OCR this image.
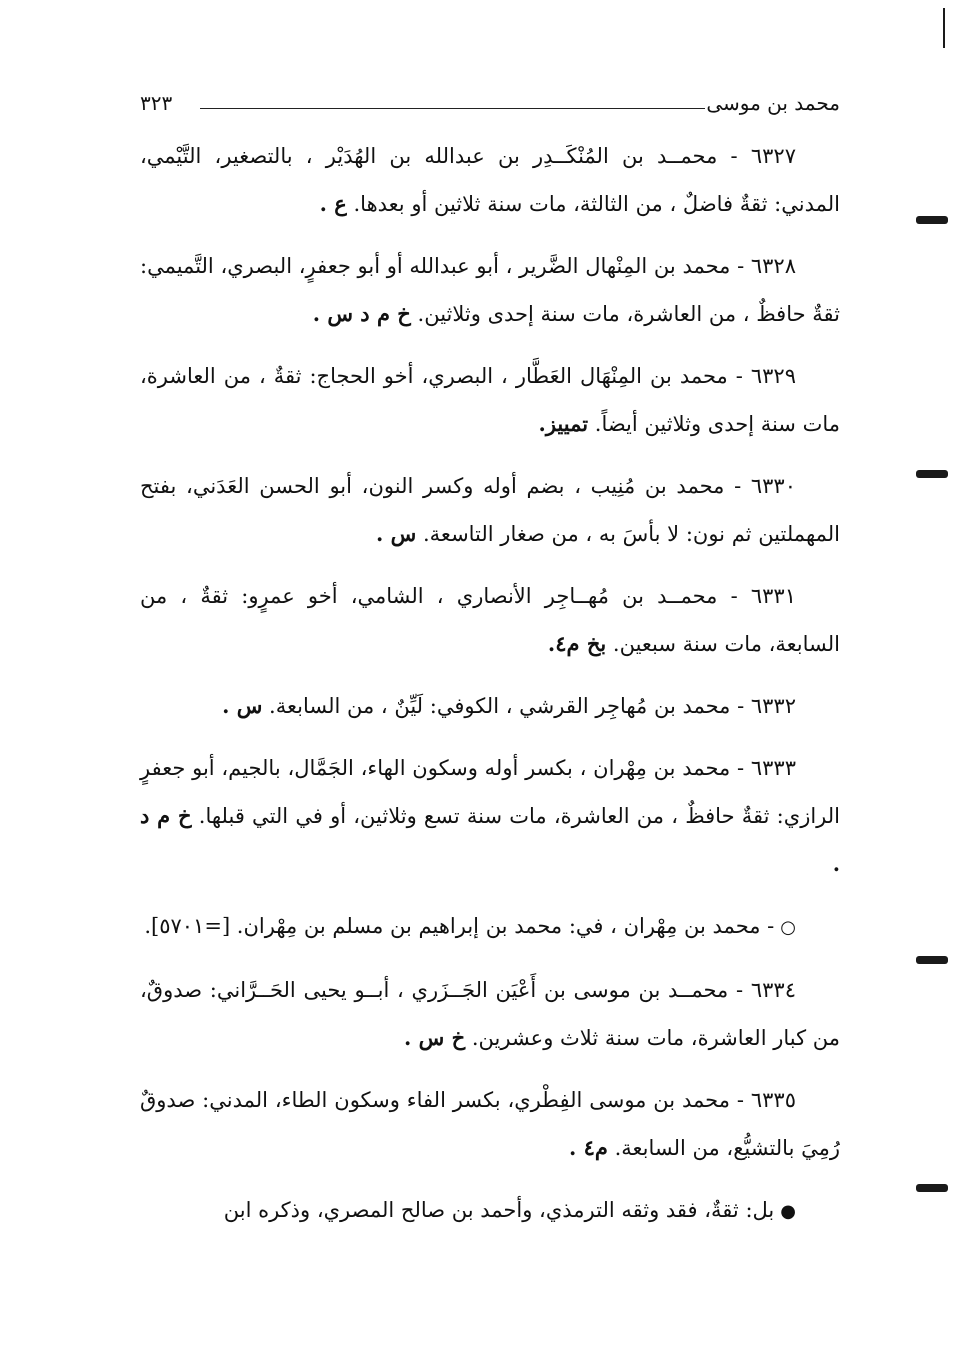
محمد بن موسى
٣٢٣

٦٣٢٧ - محمــد بن المُنْكَــدِر بن عبدالله بن الهُدَيْر ، بالتصغير، التَّيْمي، المدني: ثقةٌ فاضلٌ ، من الثالثة، مات سنة ثلاثين أو بعدها. ع .

٦٣٢٨ - محمد بن المِنْهال الضَّرير ، أبو عبدالله أو أبو جعفرٍ، البصري، التَّميمي: ثقةٌ حافظٌ ، من العاشرة، مات سنة إحدى وثلاثين. خ م د س .

٦٣٢٩ - محمد بن المِنْهَال العَطَّار ، البصري، أخو الحجاج: ثقةٌ ، من العاشرة، مات سنة إحدى وثلاثين أيضاً. تمييز.

٦٣٣٠ - محمد بن مُنِيب ، بضم أوله وكسر النون، أبو الحسن العَدَني، بفتح المهملتين ثم نون: لا بأسَ به ، من صغار التاسعة. س .

٦٣٣١ - محمــد بن مُهــاجِر الأنصاري ، الشامي، أخو عمرٍو: ثقةٌ ، من السابعة، مات سنة سبعين. بخ م٤.

٦٣٣٢ - محمد بن مُهاجِر القرشي ، الكوفي: لَيِّنٌ ، من السابعة. س .

٦٣٣٣ - محمد بن مِهْران ، بكسر أوله وسكون الهاء، الجَمَّال، بالجيم، أبو جعفرٍ الرازي: ثقةٌ حافظٌ ، من العاشرة، مات سنة تسع وثلاثين، أو في التي قبلها. خ م د .

○- محمد بن مِهْران ، في: محمد بن إبراهيم بن مسلم بن مِهْران. [=٥٧٠١].

٦٣٣٤ - محمــد بن موسى بن أَعْيَن الجَــزَري ، أبــو يحيى الحَــرَّاني: صدوقٌ، من كبار العاشرة، مات سنة ثلاث وعشرين. خ س .

٦٣٣٥ - محمد بن موسى الفِطْري، بكسر الفاء وسكون الطاء، المدني: صدوقٌ رُمِيَ بالتشيُّع، من السابعة. م٤ .

●بل: ثقةٌ، فقد وثقه الترمذي، وأحمد بن صالح المصري، وذكره ابن
